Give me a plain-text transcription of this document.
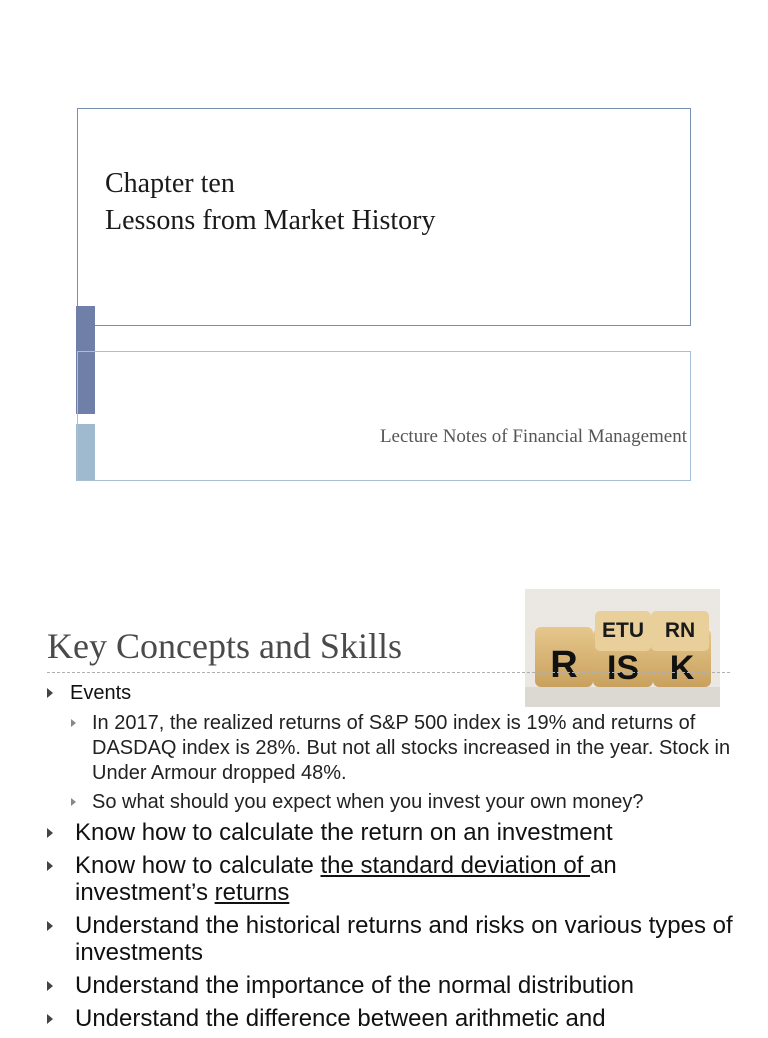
Chapter ten
Lessons from Market History
Lecture Notes of Financial Management
Key Concepts and Skills	ETU RN
R IS K
Events
In 2017, the realized returns of S&P 500 index is 19% and returns of DASDAQ index is 28%. But not all stocks increased in the year. Stock in Under Armour dropped 48%.
So what should you expect when you invest your own money?
Know how to calculate the return on an investment
Know how to calculate the standard deviation of an investment’s returns
Understand the historical returns and risks on various types of investments
Understand the importance of the normal distribution
Understand the difference between arithmetic and
